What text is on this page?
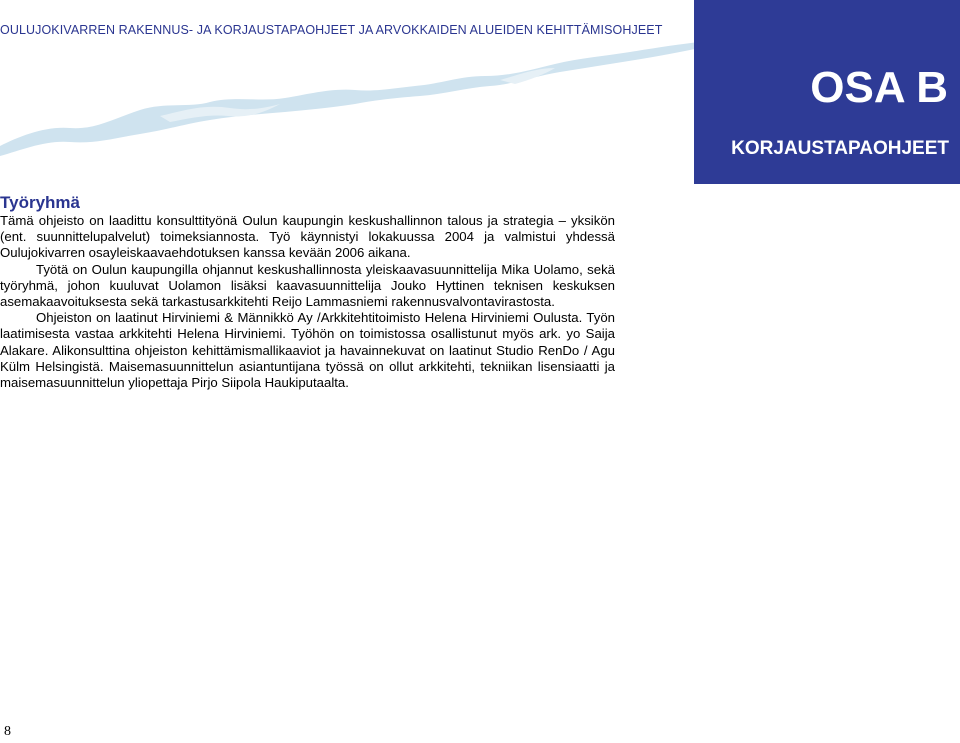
OULUJOKIVARREN RAKENNUS- JA KORJAUSTAPAOHJEET JA ARVOKKAIDEN ALUEIDEN KEHITTÄMISOHJEET
OSA B
KORJAUSTAPAOHJEET
Työryhmä

Tämä ohjeisto on laadittu konsulttityönä Oulun kaupungin keskushallinnon talous ja strategia – yksikön (ent. suunnittelupalvelut) toimeksiannosta. Työ käynnistyi lokakuussa 2004 ja valmistui yhdessä Oulujokivarren osayleiskaavaehdotuksen kanssa kevään 2006 aikana.

Työtä on Oulun kaupungilla ohjannut keskushallinnosta yleiskaavasuunnittelija Mika Uolamo, sekä työryhmä, johon kuuluvat Uolamon lisäksi kaavasuunnittelija Jouko Hyttinen teknisen keskuksen asemakaavoituksesta sekä tarkastusarkkitehti Reijo Lammasniemi rakennusvalvontavirastosta.

Ohjeiston on laatinut Hirviniemi & Männikkö Ay /Arkkitehtitoimisto Helena Hirviniemi Oulusta. Työn laatimisesta vastaa arkkitehti Helena Hirviniemi. Työhön on toimistossa osallistunut myös ark. yo Saija Alakare. Alikonsulttina ohjeiston kehittämismallikaaviot ja havainnekuvat on laatinut Studio RenDo / Agu Külm Helsingistä. Maisemasuunnittelun asiantuntijana työssä on ollut arkkitehti, tekniikan lisensiaatti ja maisemasuunnittelun yliopettaja Pirjo Siipola Haukiputaalta.

8
